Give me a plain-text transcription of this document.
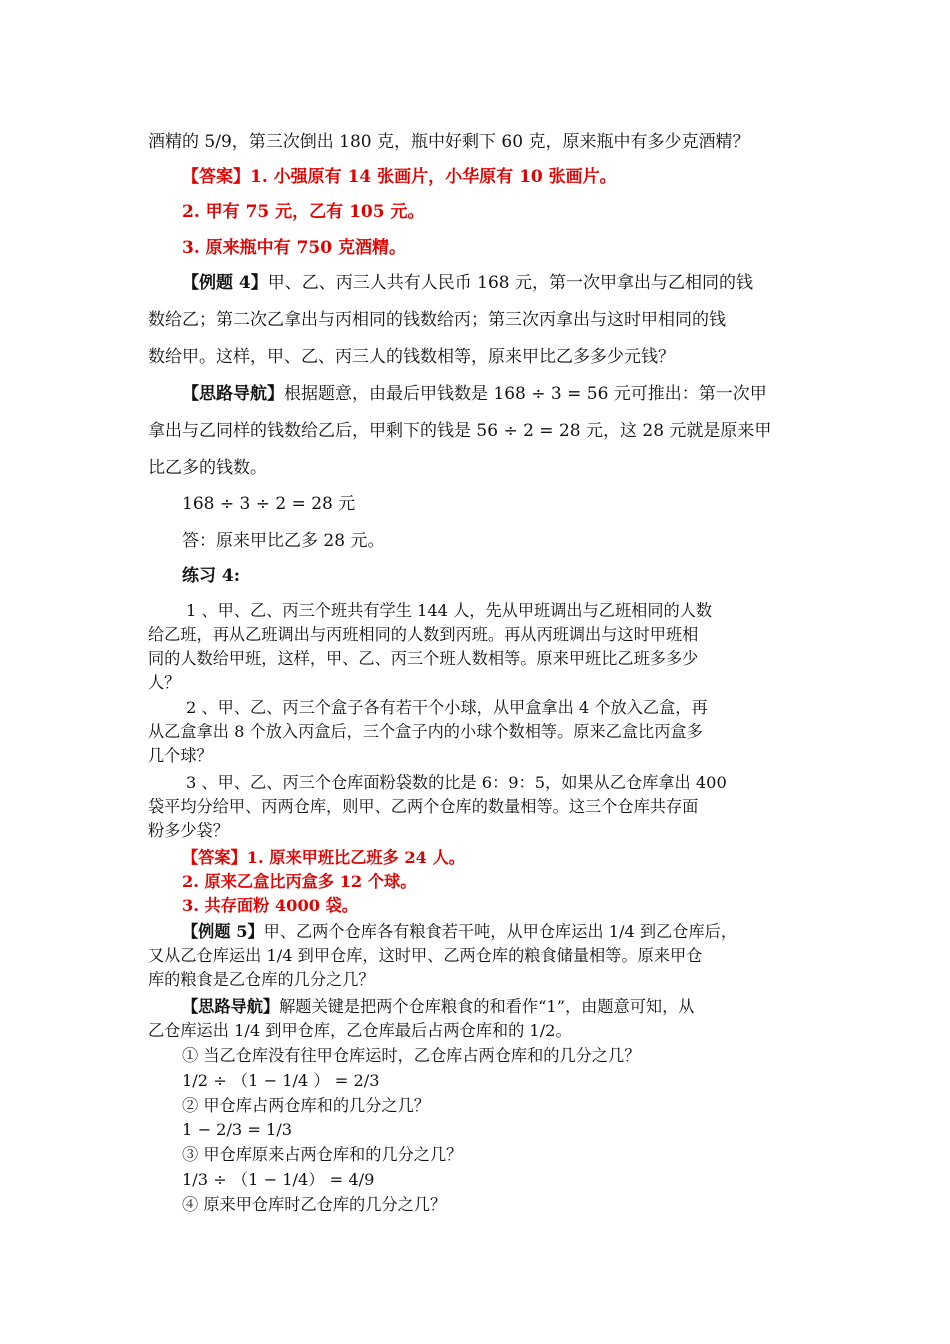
酒精的 5/9，第三次倒出 180 克，瓶中好剩下 60 克，原来瓶中有多少克酒精？
【答案】1. 小强原有 14 张画片，小华原有 10 张画片。
2. 甲有 75 元，乙有 105 元。
3. 原来瓶中有 750 克酒精。
【例题 4】甲、乙、丙三人共有人民币 168 元，第一次甲拿出与乙相同的钱
数给乙；第二次乙拿出与丙相同的钱数给丙；第三次丙拿出与这时甲相同的钱
数给甲。这样，甲、乙、丙三人的钱数相等，原来甲比乙多多少元钱？
【思路导航】根据题意，由最后甲钱数是 168 ÷ 3 = 56 元可推出：第一次甲
拿出与乙同样的钱数给乙后，甲剩下的钱是 56 ÷ 2 = 28 元，这 28 元就是原来甲
比乙多的钱数。
168 ÷ 3 ÷ 2 = 28 元
答：原来甲比乙多 28 元。
练习 4:
1 、甲、乙、丙三个班共有学生 144 人，先从甲班调出与乙班相同的人数
给乙班，再从乙班调出与丙班相同的人数到丙班。再从丙班调出与这时甲班相
同的人数给甲班，这样，甲、乙、丙三个班人数相等。原来甲班比乙班多多少
人？
2 、甲、乙、丙三个盒子各有若干个小球，从甲盒拿出 4 个放入乙盒，再
从乙盒拿出 8 个放入丙盒后，三个盒子内的小球个数相等。原来乙盒比丙盒多
几个球？
3 、甲、乙、丙三个仓库面粉袋数的比是 6：9：5，如果从乙仓库拿出 400
袋平均分给甲、丙两仓库，则甲、乙两个仓库的数量相等。这三个仓库共存面
粉多少袋？
【答案】1. 原来甲班比乙班多 24 人。
2. 原来乙盒比丙盒多 12 个球。
3. 共存面粉 4000 袋。
【例题 5】甲、乙两个仓库各有粮食若干吨，从甲仓库运出 1/4 到乙仓库后，
又从乙仓库运出 1/4 到甲仓库，这时甲、乙两仓库的粮食储量相等。原来甲仓
库的粮食是乙仓库的几分之几？
【思路导航】解题关键是把两个仓库粮食的和看作“1”，由题意可知，从
乙仓库运出 1/4 到甲仓库，乙仓库最后占两仓库和的 1/2。
① 当乙仓库没有往甲仓库运时，乙仓库占两仓库和的几分之几？
1/2 ÷ （1 − 1/4 ） = 2/3
② 甲仓库占两仓库和的几分之几？
1 − 2/3 = 1/3
③ 甲仓库原来占两仓库和的几分之几？
1/3 ÷ （1 − 1/4） = 4/9
④ 原来甲仓库时乙仓库的几分之几？
